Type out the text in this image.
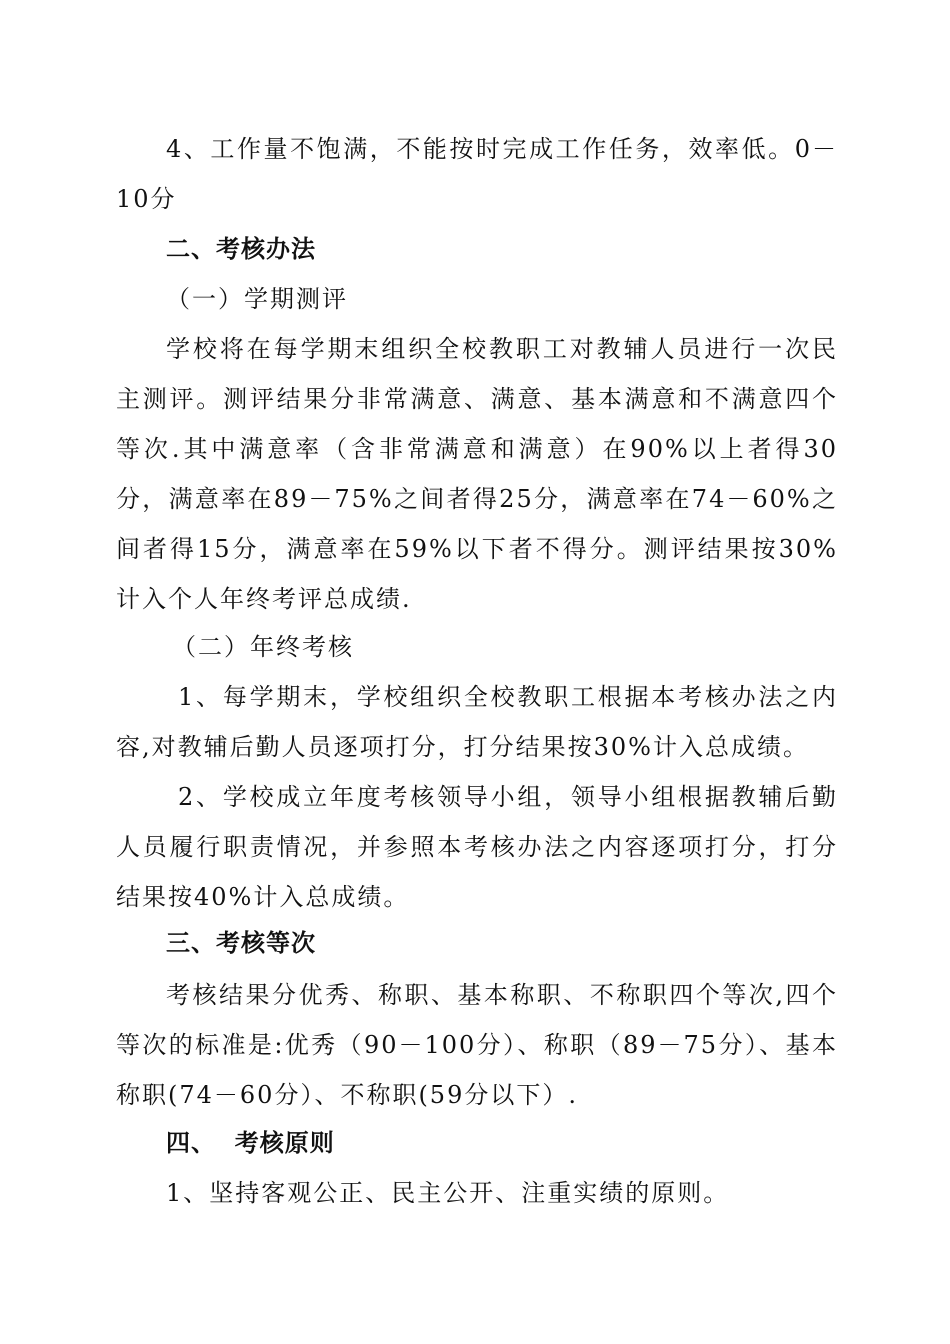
4、工作量不饱满，不能按时完成工作任务，效率低。0－10分

二、考核办法

（一）学期测评

学校将在每学期末组织全校教职工对教辅人员进行一次民主测评。测评结果分非常满意、满意、基本满意和不满意四个等次.其中满意率（含非常满意和满意）在90%以上者得30分，满意率在89－75%之间者得25分，满意率在74－60%之间者得15分，满意率在59%以下者不得分。测评结果按30%计入个人年终考评总成绩.

（二）年终考核

1、每学期末，学校组织全校教职工根据本考核办法之内容,对教辅后勤人员逐项打分，打分结果按30%计入总成绩。

2、学校成立年度考核领导小组，领导小组根据教辅后勤人员履行职责情况，并参照本考核办法之内容逐项打分，打分结果按40%计入总成绩。

三、考核等次

考核结果分优秀、称职、基本称职、不称职四个等次,四个等次的标准是:优秀（90－100分）、称职（89－75分）、基本称职(74－60分）、不称职(59分以下）.

四、  考核原则

1、坚持客观公正、民主公开、注重实绩的原则。
